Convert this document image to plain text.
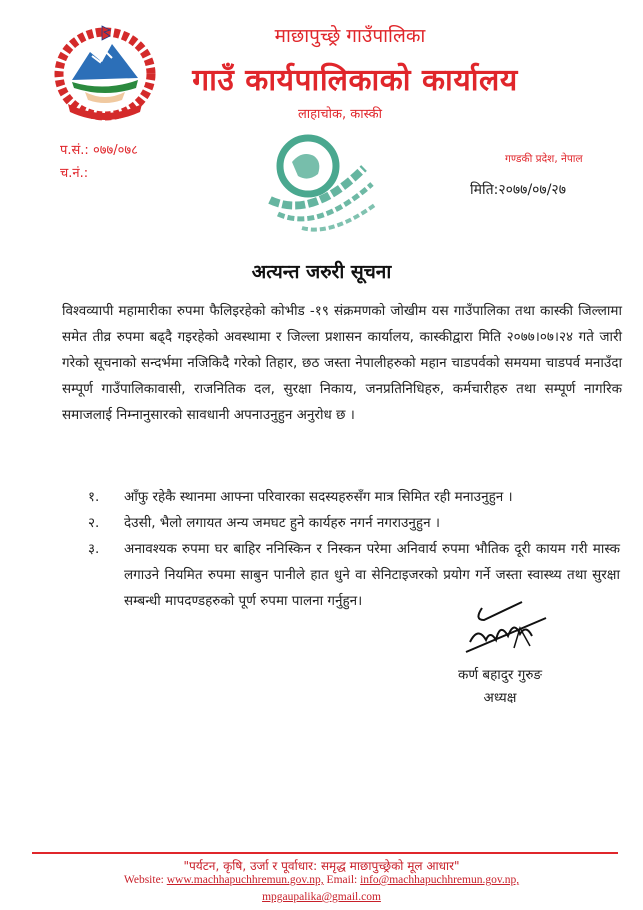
माछापुच्छ्रे गाउँपालिका
गाउँ कार्यपालिकाको कार्यालय
लाहाचोक, कास्की
प.सं.: ०७७/०७८
च.नं.:
गण्डकी प्रदेश, नेपाल
मिति:२०७७/०७/२७
अत्यन्त जरुरी सूचना
विश्वव्यापी महामारीका रुपमा फैलिइरहेको कोभीड -१९ संक्रमणको जोखीम यस गाउँपालिका तथा कास्की जिल्लामा समेत तीव्र रुपमा बढ्दै गइरहेको अवस्थामा र जिल्ला प्रशासन कार्यालय, कास्कीद्वारा मिति २०७७।०७।२४ गते जारी गरेको सूचनाको सन्दर्भमा नजिकिदै गरेको तिहार, छठ जस्ता नेपालीहरुको महान चाडपर्वको समयमा चाडपर्व मनाउँदा सम्पूर्ण गाउँपालिकावासी, राजनितिक दल, सुरक्षा निकाय, जनप्रतिनिधिहरु, कर्मचारीहरु तथा सम्पूर्ण नागरिक समाजलाई निम्नानुसारको सावधानी अपनाउनुहुन अनुरोध छ ।
१.	आँफु रहेकै स्थानमा आफ्ना परिवारका सदस्यहरुसँग मात्र सिमित रही मनाउनुहुन ।
२.	देउसी, भैलो लगायत अन्य जमघट हुने कार्यहरु नगर्न नगराउनुहुन ।
३.	अनावश्यक रुपमा घर बाहिर ननिस्किन र निस्कन परेमा अनिवार्य रुपमा भौतिक दूरी कायम गरी मास्क लगाउने नियमित रुपमा साबुन पानीले हात धुने वा सेनिटाइजरको प्रयोग गर्ने जस्ता स्वास्थ्य तथा सुरक्षा सम्बन्धी मापदण्डहरुको पूर्ण रुपमा पालना गर्नुहुन।
कर्ण बहादुर गुरुङ
अध्यक्ष
"पर्यटन, कृषि, उर्जा र पूर्वाधार: समृद्ध माछापुच्छ्रेको मूल आधार"
Website: www.machhapuchhremun.gov.np, Email: info@machhapuchhremun.gov.np,
mpgaupalika@gmail.com
